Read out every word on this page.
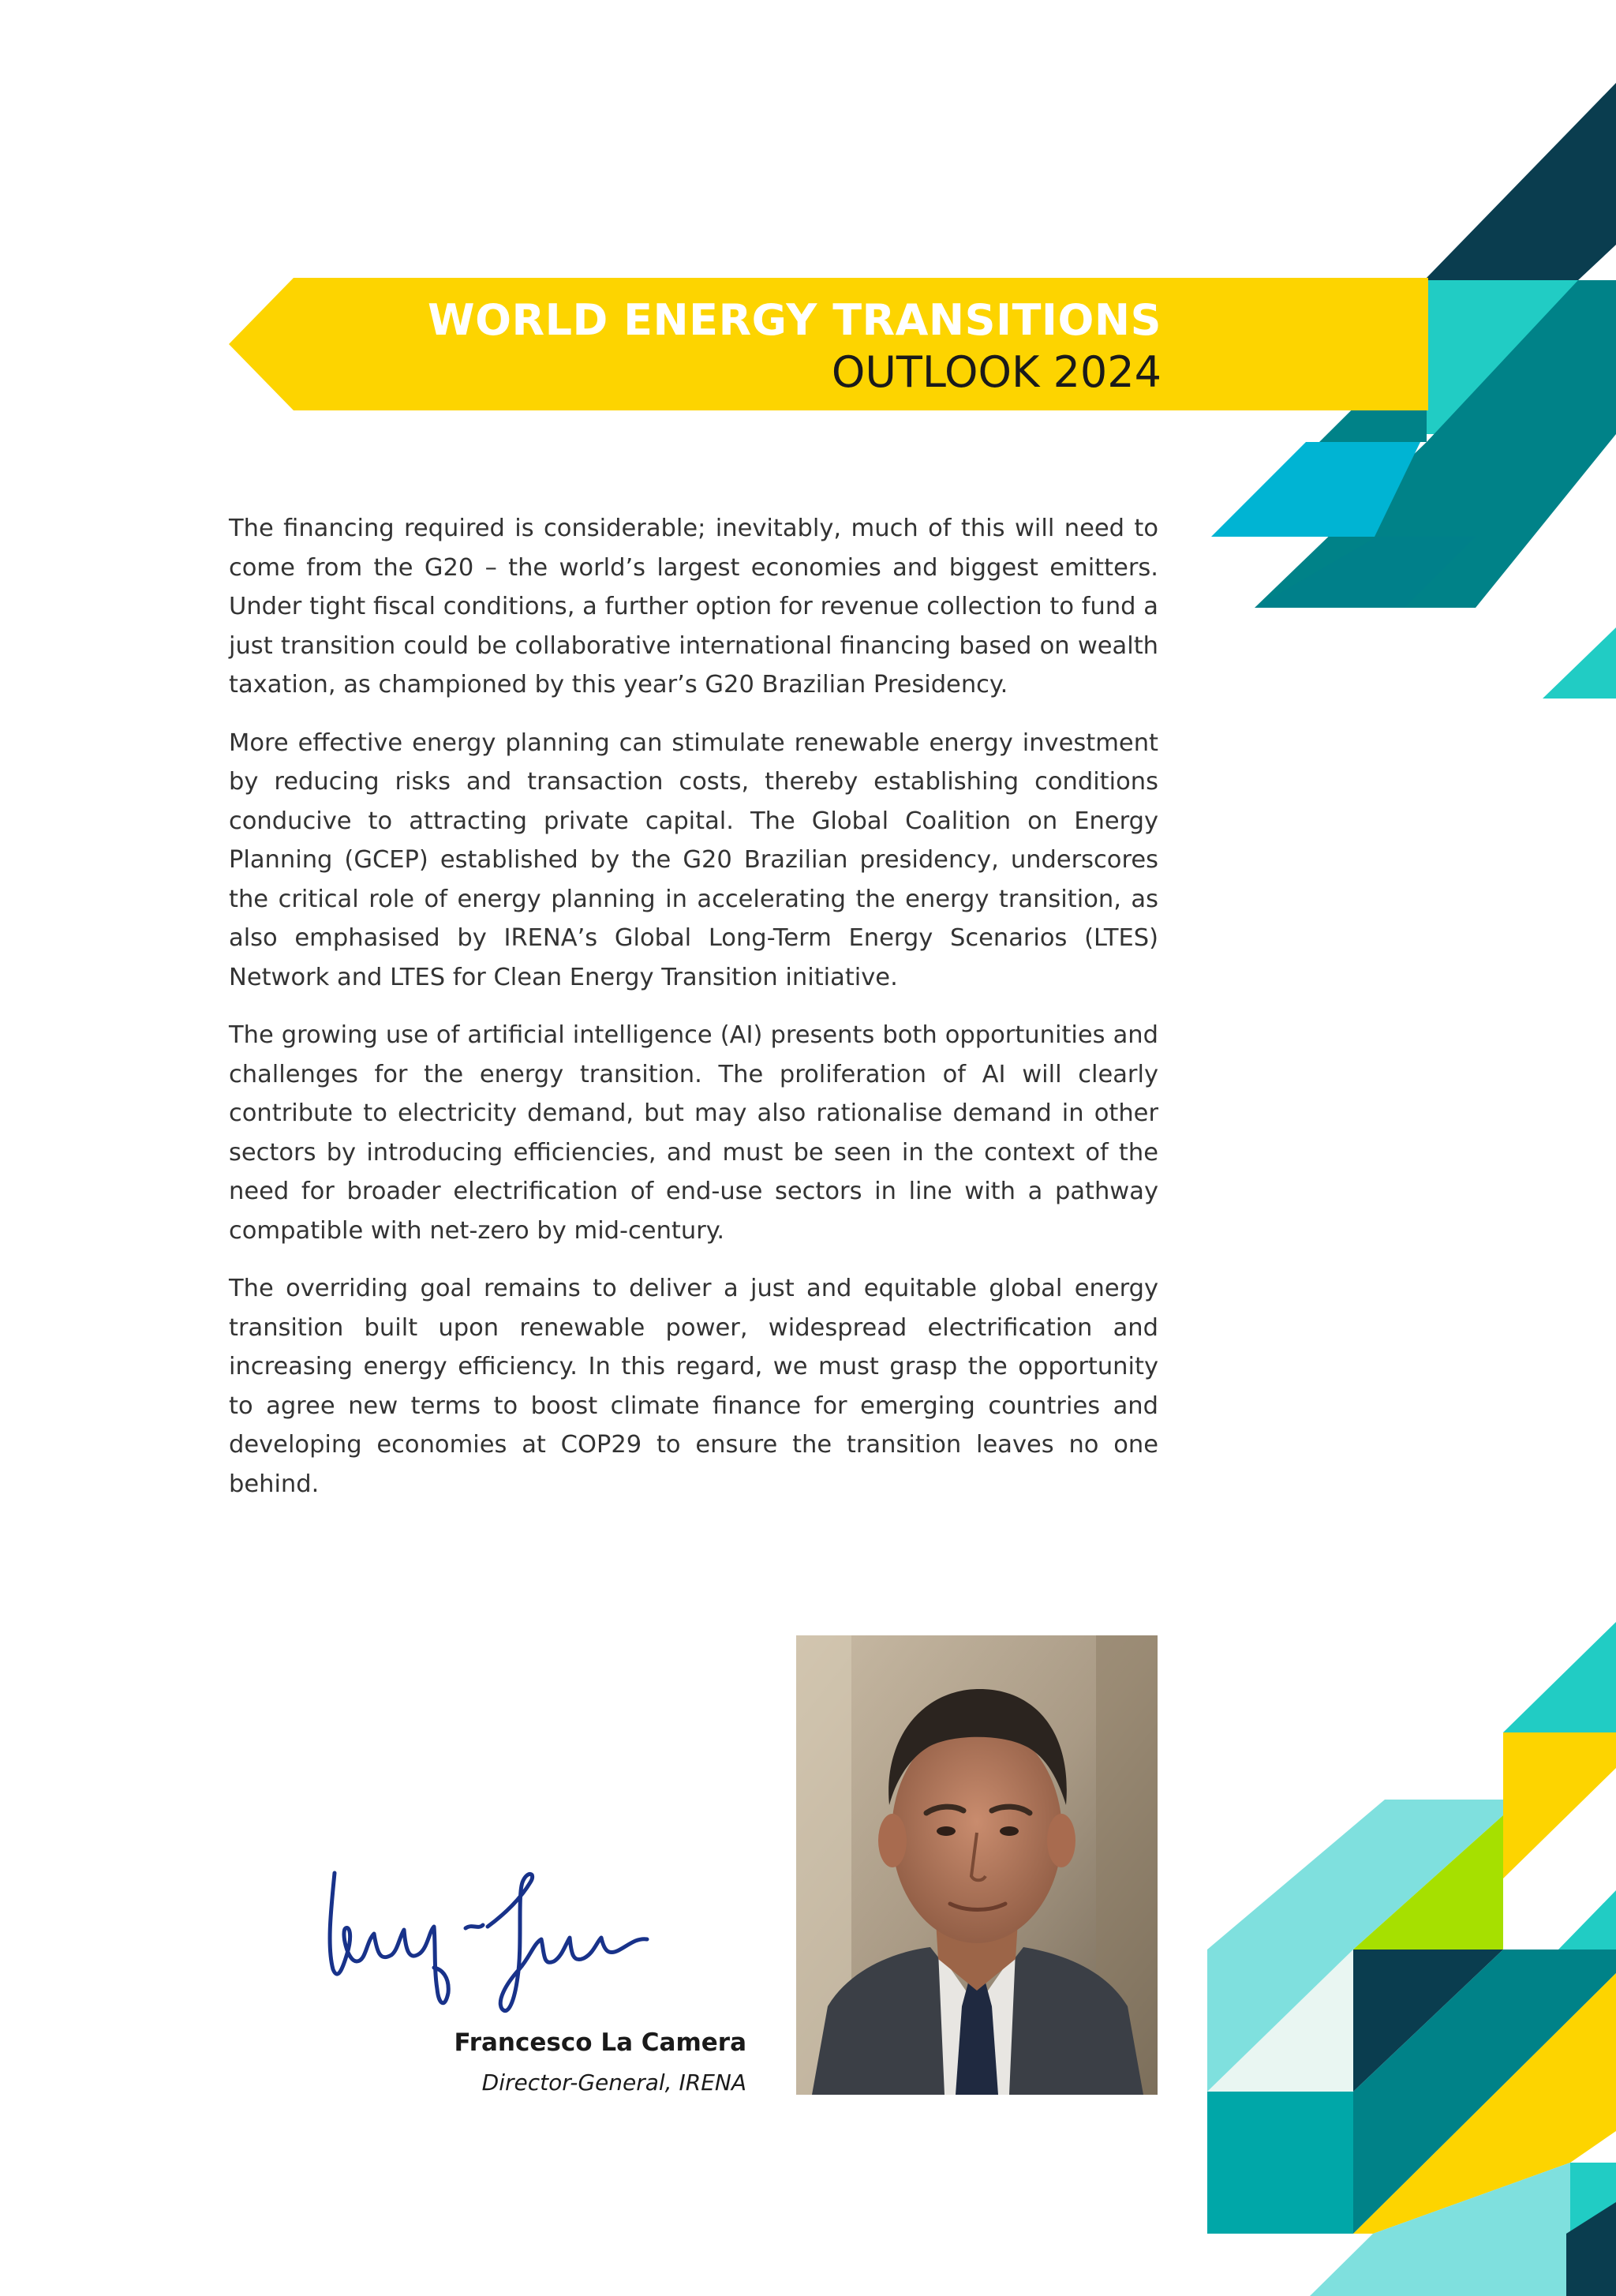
WORLD ENERGY TRANSITIONS
OUTLOOK 2024

The financing required is considerable; inevitably, much of this will need to come from the G20 – the world’s largest economies and biggest emitters. Under tight fiscal conditions, a further option for revenue collection to fund a just transition could be collaborative international financing based on wealth taxation, as championed by this year’s G20 Brazilian Presidency.

More effective energy planning can stimulate renewable energy investment by reducing risks and transaction costs, thereby establishing conditions conducive to attracting private capital. The Global Coalition on Energy Planning (GCEP) established by the G20 Brazilian presidency, underscores the critical role of energy planning in accelerating the energy transition, as also emphasised by IRENA’s Global Long-Term Energy Scenarios (LTES) Network and LTES for Clean Energy Transition initiative.

The growing use of artificial intelligence (AI) presents both opportunities and challenges for the energy transition. The proliferation of AI will clearly contribute to electricity demand, but may also rationalise demand in other sectors by introducing efficiencies, and must be seen in the context of the need for broader electrification of end-use sectors in line with a pathway compatible with net-zero by mid-century.

The overriding goal remains to deliver a just and equitable global energy transition built upon renewable power, widespread electrification and increasing energy efficiency. In this regard, we must grasp the opportunity to agree new terms to boost climate finance for emerging countries and developing economies at COP29 to ensure the transition leaves no one behind.

Francesco La Camera
Director-General, IRENA
